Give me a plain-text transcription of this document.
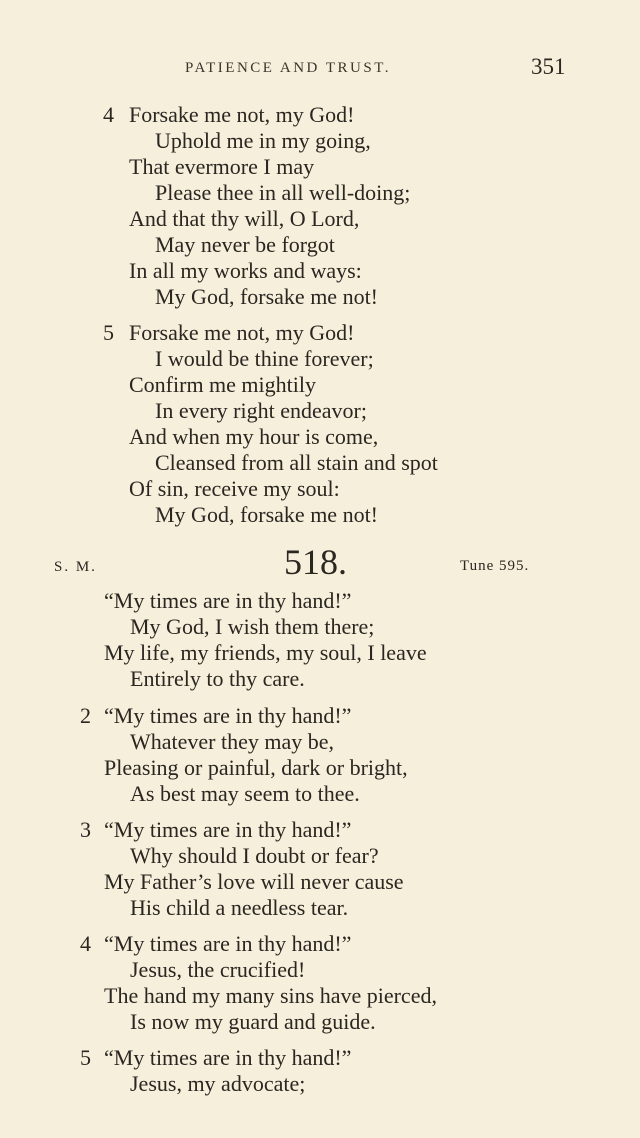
PATIENCE AND TRUST.	351
4 Forsake me not, my God!
Uphold me in my going,
That evermore I may
Please thee in all well-doing;
And that thy will, O Lord,
May never be forgot
In all my works and ways:
My God, forsake me not!
5 Forsake me not, my God!
I would be thine forever;
Confirm me mightily
In every right endeavor;
And when my hour is come,
Cleansed from all stain and spot
Of sin, receive my soul:
My God, forsake me not!
S. M.	518.	Tune 595.
“My times are in thy hand!”
My God, I wish them there;
My life, my friends, my soul, I leave
Entirely to thy care.
2 “My times are in thy hand!”
Whatever they may be,
Pleasing or painful, dark or bright,
As best may seem to thee.
3 “My times are in thy hand!”
Why should I doubt or fear?
My Father’s love will never cause
His child a needless tear.
4 “My times are in thy hand!”
Jesus, the crucified!
The hand my many sins have pierced,
Is now my guard and guide.
5 “My times are in thy hand!”
Jesus, my advocate;
